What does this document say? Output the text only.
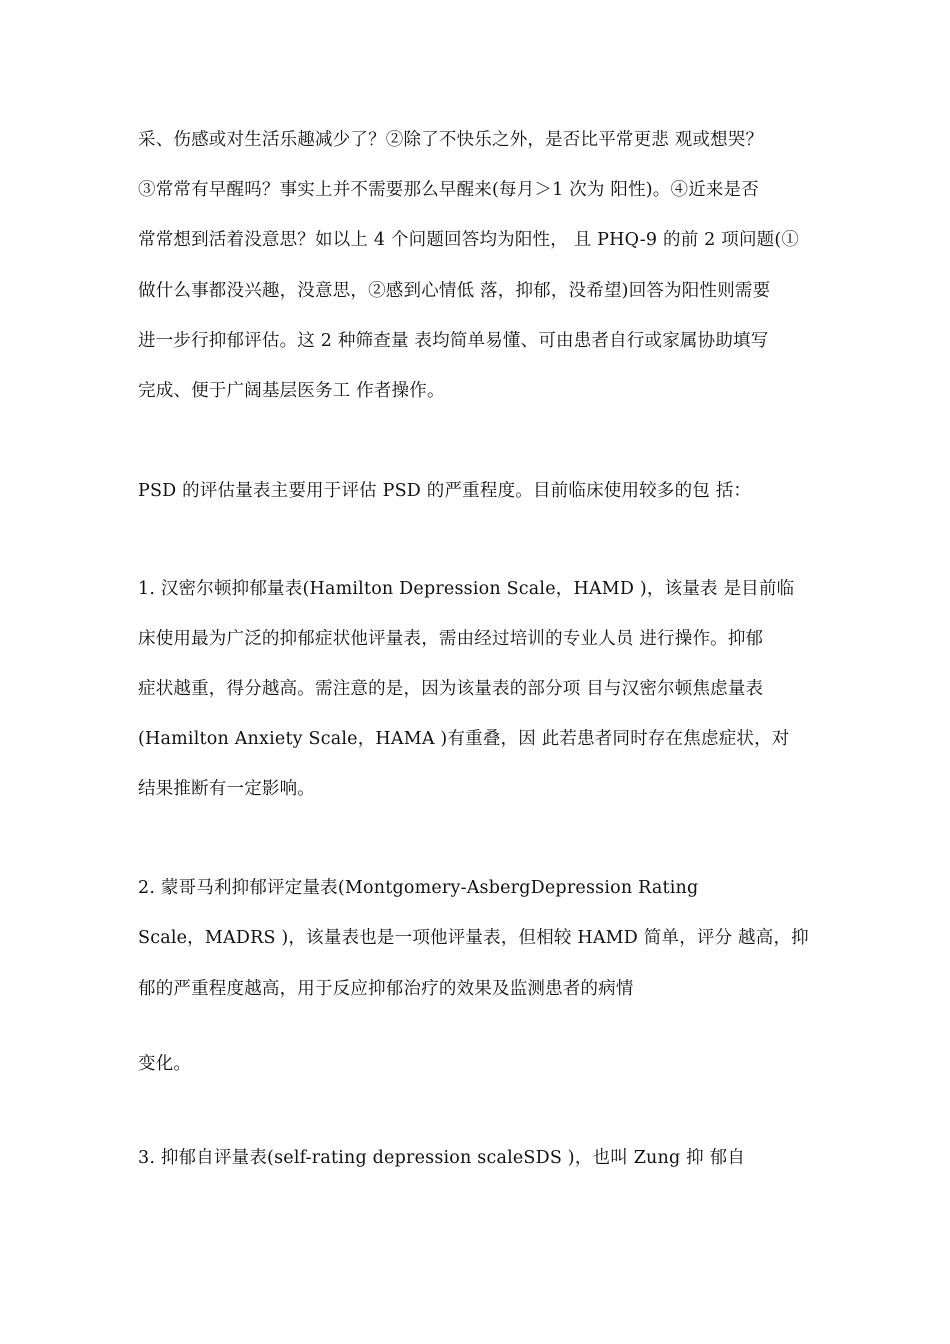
采、伤感或对生活乐趣减少了？②除了不快乐之外，是否比平常更悲 观或想哭？
③常常有早醒吗？事实上并不需要那么早醒来(每月＞1 次为 阳性)。④近来是否
常常想到活着没意思？如以上 4 个问题回答均为阳性， 且 PHQ-9 的前 2 项问题(①
做什么事都没兴趣，没意思，②感到心情低 落，抑郁，没希望)回答为阳性则需要
进一步行抑郁评估。这 2 种筛查量 表均简单易懂、可由患者自行或家属协助填写
完成、便于广阔基层医务工 作者操作。
PSD 的评估量表主要用于评估 PSD 的严重程度。目前临床使用较多的包 括：
1. 汉密尔顿抑郁量表(Hamilton Depression Scale，HAMD )，该量表 是目前临
床使用最为广泛的抑郁症状他评量表，需由经过培训的专业人员 进行操作。抑郁
症状越重，得分越高。需注意的是，因为该量表的部分项 目与汉密尔顿焦虑量表
(Hamilton Anxiety Scale，HAMA )有重叠，因 此若患者同时存在焦虑症状，对
结果推断有一定影响。
2. 蒙哥马利抑郁评定量表(Montgomery-AsbergDepression Rating
Scale，MADRS )，该量表也是一项他评量表，但相较 HAMD 简单，评分 越高，抑
郁的严重程度越高，用于反应抑郁治疗的效果及监测患者的病情
变化。
3. 抑郁自评量表(self-rating depression scaleSDS )，也叫 Zung 抑 郁自
